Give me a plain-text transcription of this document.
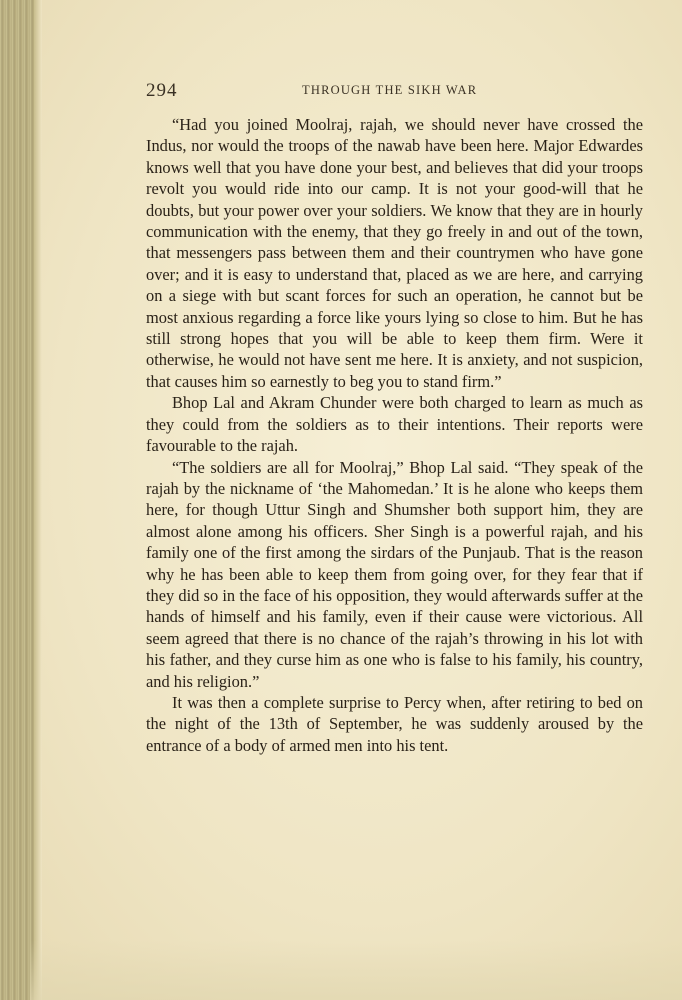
294	THROUGH THE SIKH WAR

“Had you joined Moolraj, rajah, we should never have crossed the Indus, nor would the troops of the nawab have been here. Major Edwardes knows well that you have done your best, and believes that did your troops revolt you would ride into our camp. It is not your good-will that he doubts, but your power over your soldiers. We know that they are in hourly communication with the enemy, that they go freely in and out of the town, that messengers pass between them and their countrymen who have gone over; and it is easy to understand that, placed as we are here, and carrying on a siege with but scant forces for such an operation, he cannot but be most anxious regarding a force like yours lying so close to him. But he has still strong hopes that you will be able to keep them firm. Were it otherwise, he would not have sent me here. It is anxiety, and not suspicion, that causes him so earnestly to beg you to stand firm.”

Bhop Lal and Akram Chunder were both charged to learn as much as they could from the soldiers as to their intentions. Their reports were favourable to the rajah.

“The soldiers are all for Moolraj,” Bhop Lal said. “They speak of the rajah by the nickname of ‘the Mahomedan.’ It is he alone who keeps them here, for though Uttur Singh and Shumsher both support him, they are almost alone among his officers. Sher Singh is a powerful rajah, and his family one of the first among the sirdars of the Punjaub. That is the reason why he has been able to keep them from going over, for they fear that if they did so in the face of his opposition, they would afterwards suffer at the hands of himself and his family, even if their cause were victorious. All seem agreed that there is no chance of the rajah’s throwing in his lot with his father, and they curse him as one who is false to his family, his country, and his religion.”

It was then a complete surprise to Percy when, after retiring to bed on the night of the 13th of September, he was suddenly aroused by the entrance of a body of armed men into his tent.
